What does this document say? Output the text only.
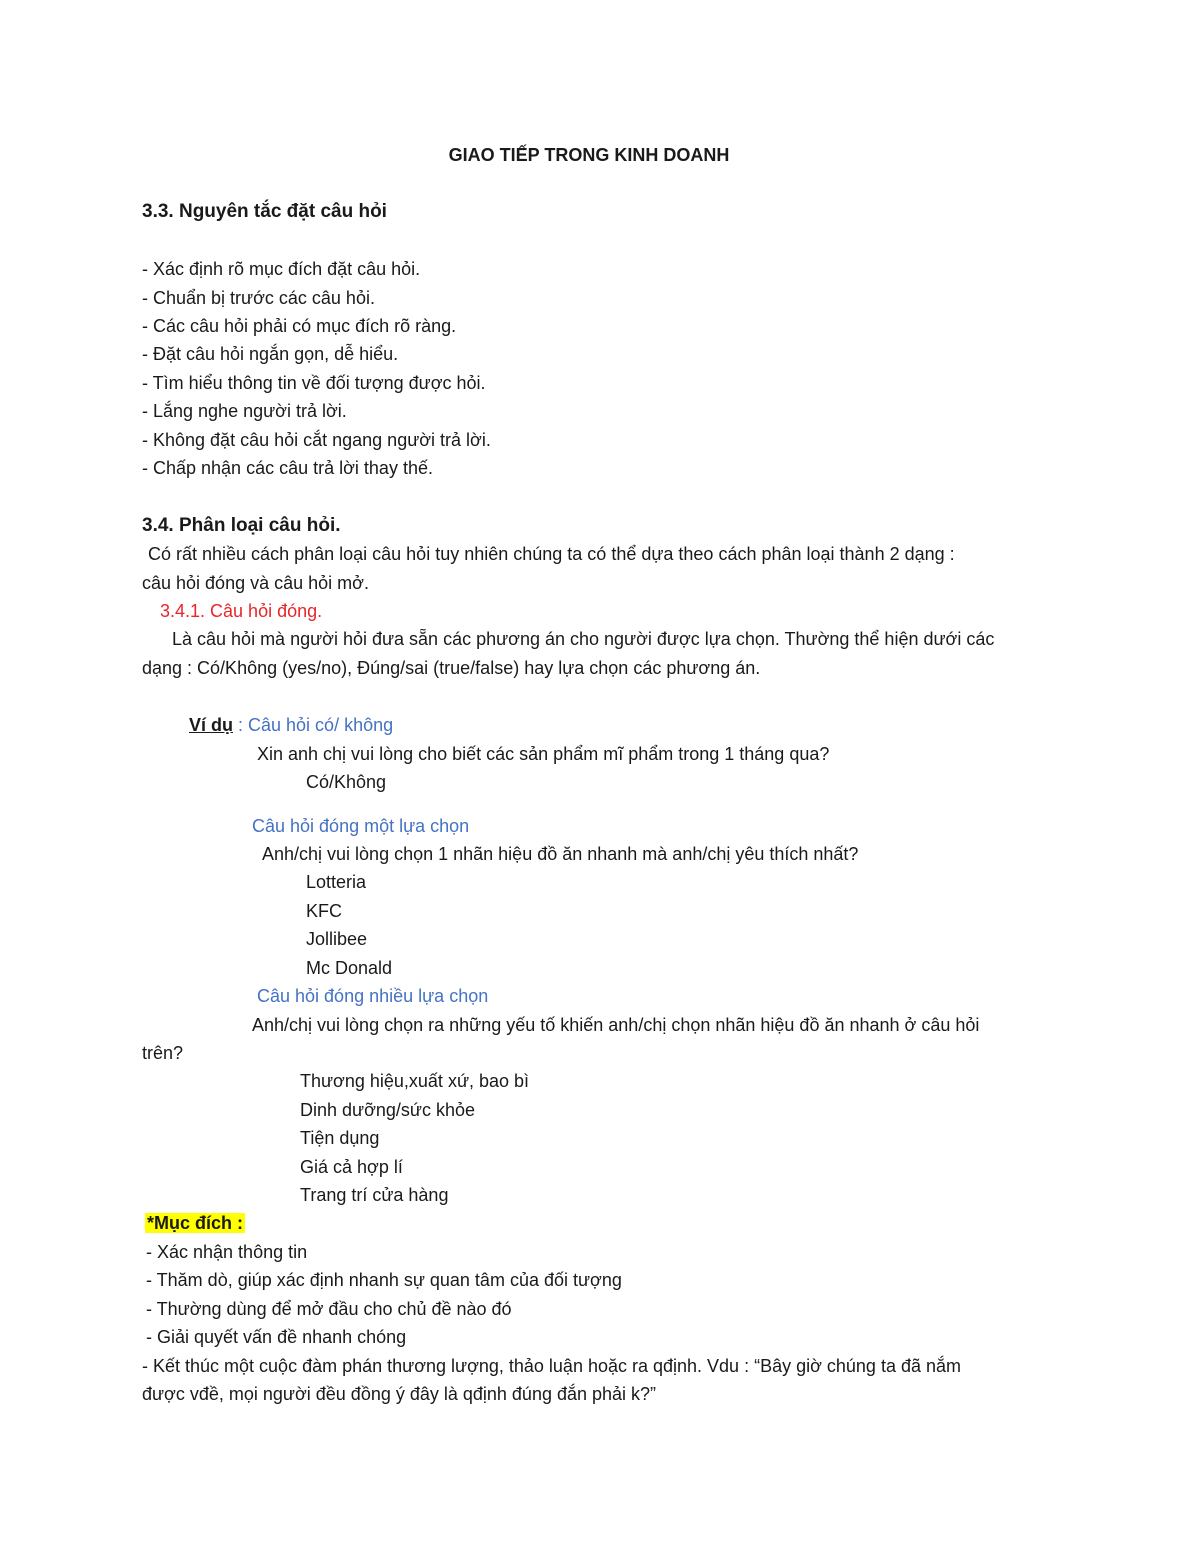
GIAO TIẾP TRONG KINH DOANH
3.3. Nguyên tắc đặt câu hỏi
- Xác định rõ mục đích đặt câu hỏi.
- Chuẩn bị trước các câu hỏi.
- Các câu hỏi phải có mục đích rõ ràng.
- Đặt câu hỏi ngắn gọn, dễ hiểu.
- Tìm hiểu thông tin về đối tượng được hỏi.
- Lắng nghe người trả lời.
- Không đặt câu hỏi cắt ngang người trả lời.
- Chấp nhận các câu trả lời thay thế.
3.4. Phân loại câu hỏi.
Có rất nhiều cách phân loại câu hỏi tuy nhiên chúng ta có thể dựa theo cách phân loại thành 2 dạng :
câu hỏi đóng và câu hỏi mở.
3.4.1. Câu hỏi đóng.
Là câu hỏi mà người hỏi đưa sẵn các phương án cho người được lựa chọn. Thường thể hiện dưới các
dạng : Có/Không (yes/no), Đúng/sai (true/false) hay lựa chọn các phương án.
Ví dụ : Câu hỏi có/ không
Xin anh chị vui lòng cho biết các sản phẩm mĩ phẩm trong 1 tháng qua?
Có/Không
Câu hỏi đóng một lựa chọn
Anh/chị vui lòng chọn 1 nhãn hiệu đồ ăn nhanh mà anh/chị yêu thích nhất?
Lotteria
KFC
Jollibee
Mc Donald
Câu hỏi đóng nhiều lựa chọn
Anh/chị vui lòng chọn ra những yếu tố khiến anh/chị chọn nhãn hiệu đồ ăn nhanh ở câu hỏi
trên?
Thương hiệu,xuất xứ, bao bì
Dinh dưỡng/sức khỏe
Tiện dụng
Giá cả hợp lí
Trang trí cửa hàng
*Mục đích :
- Xác nhận thông tin
- Thăm dò, giúp xác định nhanh sự quan tâm của đối tượng
- Thường dùng để mở đầu cho chủ đề nào đó
- Giải quyết vấn đề nhanh chóng
- Kết thúc một cuộc đàm phán thương lượng, thảo luận hoặc ra qđịnh. Vdu : “Bây giờ chúng ta đã nắm
được vđề, mọi người đều đồng ý đây là qđịnh đúng đắn phải k?”
